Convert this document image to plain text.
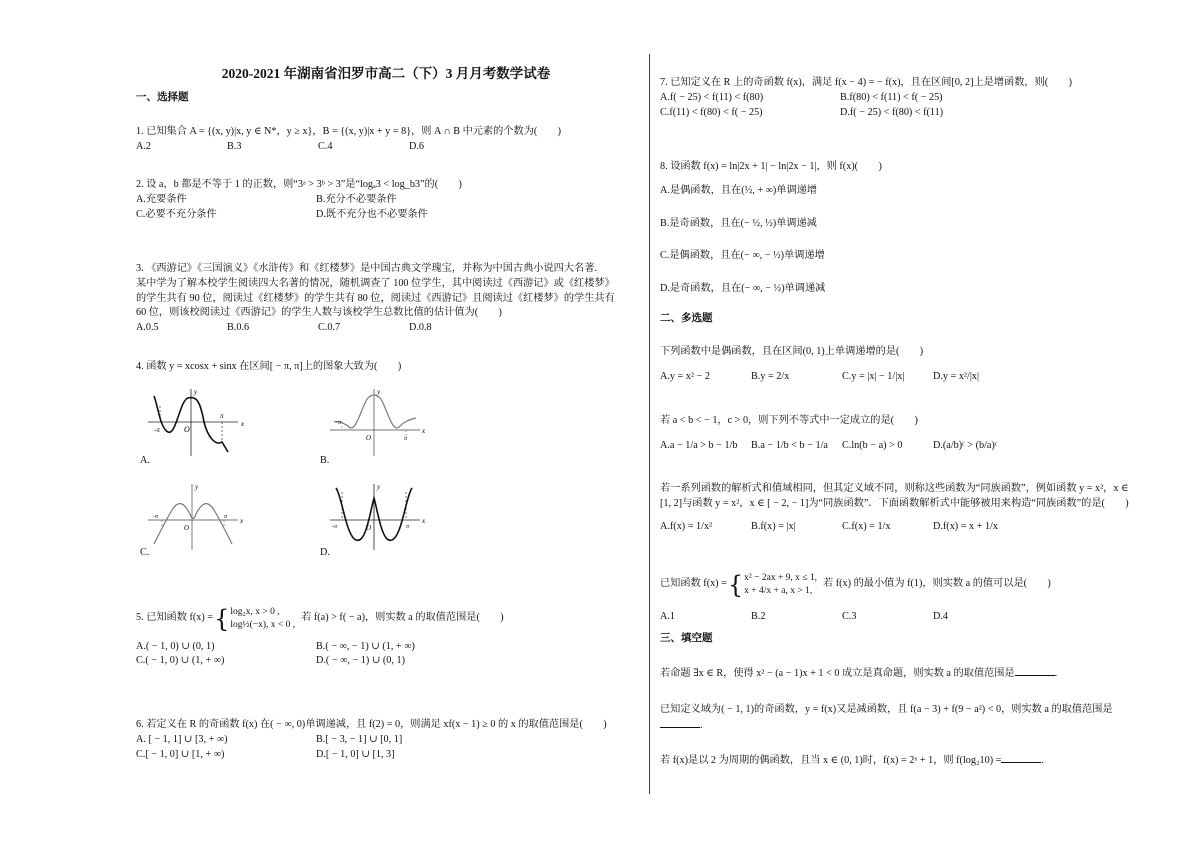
2020-2021 年湖南省汨罗市高二（下）3 月月考数学试卷
一、选择题
1. 已知集合 A = {(x, y)|x, y ∈ N*，y ≥ x}，B = {(x, y)|x + y = 8}，则 A ∩ B 中元素的个数为(　　)
A.2	B.3	C.4	D.6
2. 设 a，b 都是不等于 1 的正数，则“3ᵃ > 3ᵇ > 3”是“logₐ3 < log_b3”的(　　)
A.充要条件	B.充分不必要条件
C.必要不充分条件	D.既不充分也不必要条件
3. 《西游记》《三国演义》《水浒传》和《红楼梦》是中国古典文学瑰宝，并称为中国古典小说四大名著.
某中学为了解本校学生阅读四大名著的情况，随机调查了 100 位学生，其中阅读过《西游记》或《红楼梦》
的学生共有 90 位，阅读过《红楼梦》的学生共有 80 位，阅读过《西游记》且阅读过《红楼梦》的学生共有
60 位，则该校阅读过《西游记》的学生人数与该校学生总数比值的估计值为(　　)
A.0.5	B.0.6	C.0.7	D.0.8
4. 函数 y = xcosx + sinx 在区间[ − π, π]上的图象大致为(　　)
x
y
O
-π
π
A.
x
y
O
-π
π
B.
x
y
O
-π	π
C.
x
y
O
-π	π
D.
5. 已知函数 f(x) = { log₂x, x > 0 ,
log½(−x), x < 0 ,
若 f(a) > f( − a)，则实数 a 的取值范围是(　　)
A.( − 1, 0) ∪ (0, 1)	B.( − ∞, − 1) ∪ (1, + ∞)
C.( − 1, 0) ∪ (1, + ∞)	D.( − ∞, − 1) ∪ (0, 1)
6. 若定义在 R 的奇函数 f(x) 在( − ∞, 0)单调递减，且 f(2) = 0，则满足 xf(x − 1) ≥ 0 的 x 的取值范围是(　　)
A. [ − 1, 1] ∪ [3, + ∞)	B.[ − 3, − 1] ∪ [0, 1]
C.[ − 1, 0] ∪ [1, + ∞)	D.[ − 1, 0] ∪ [1, 3]
7. 已知定义在 R 上的奇函数 f(x)，满足 f(x − 4) = − f(x)，且在区间[0, 2]上是增函数，则(　　)
A.f( − 25) < f(11) < f(80)	B.f(80) < f(11) < f( − 25)
C.f(11) < f(80) < f( − 25)	D.f( − 25) < f(80) < f(11)
8. 设函数 f(x) = ln|2x + 1| − ln|2x − 1|，则 f(x)(　　)
A.是偶函数，且在(½, + ∞)单调递增
B.是奇函数，且在(− ½, ½)单调递减
C.是偶函数，且在(− ∞, − ½)单调递增
D.是奇函数，且在(− ∞, − ½)单调递减
二、多选题
下列函数中是偶函数，且在区间(0, 1)上单调递增的是(　　)
A.y = x² − 2	B.y = 2/x	C.y = |x| − 1/|x|	D.y = x²/|x|
若 a < b < − 1，c > 0，则下列不等式中一定成立的是(　　)
A.a − 1/a > b − 1/b	B.a − 1/b < b − 1/a	C.ln(b − a) > 0	D.(a/b)ᶜ > (b/a)ᶜ
若一系列函数的解析式和值域相同，但其定义域不同，则称这些函数为“同族函数”，例如函数 y = x²，x ∈
[1, 2]与函数 y = x²，x ∈ [ − 2, − 1]为“同族函数”．下面函数解析式中能够被用来构造“同族函数”的是(　　)
A.f(x) = 1/x²	B.f(x) = |x|	C.f(x) = 1/x	D.f(x) = x + 1/x
已知函数 f(x) = { x² − 2ax + 9, x ≤ 1,
x + 4/x + a, x > 1,
若 f(x) 的最小值为 f(1)，则实数 a 的值可以是(　　)
A.1	B.2	C.3	D.4
三、填空题
若命题 ∃x ∈ R，使得 x² − (a − 1)x + 1 < 0 成立是真命题，则实数 a 的取值范围是	.
已知定义域为( − 1, 1)的奇函数，y = f(x)又是减函数，且 f(a − 3) + f(9 − a²) < 0，则实数 a 的取值范围是
.
若 f(x)是以 2 为周期的偶函数，且当 x ∈ (0, 1)时，f(x) = 2ˣ + 1，则 f(log₂10) =	.
